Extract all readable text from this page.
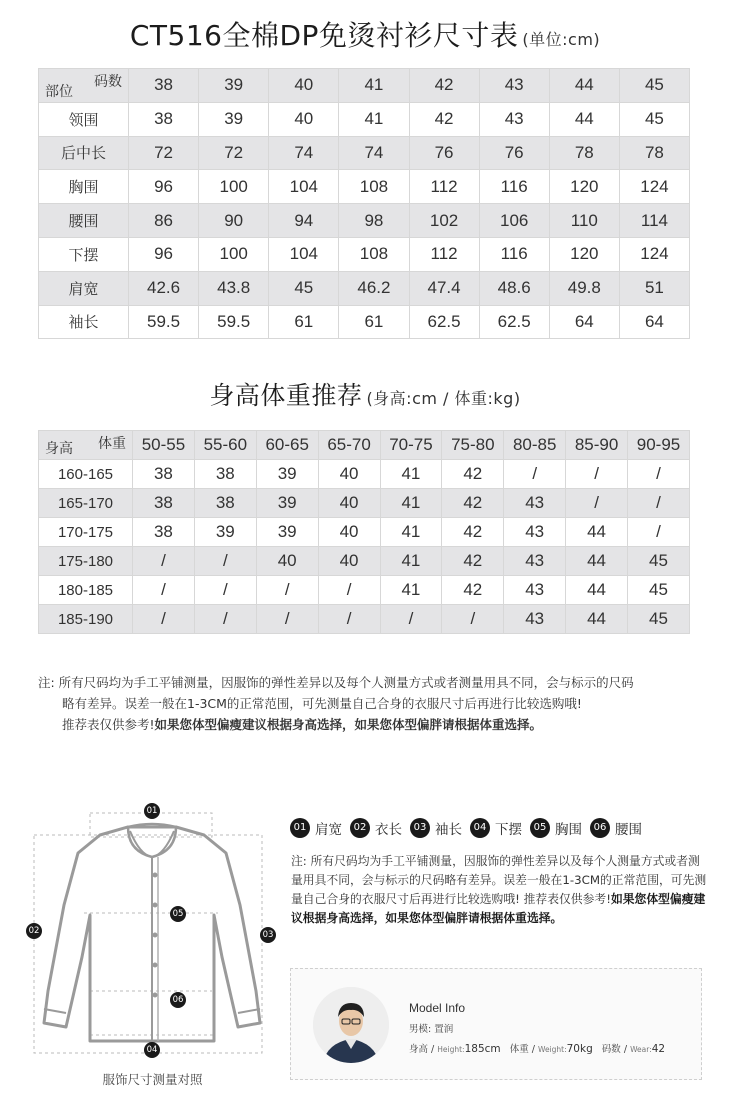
CT516全棉DP免烫衬衫尺寸表 (单位:cm)
码数
部位	38	39	40	41	42	43	44	45
领围	38	39	40	41	42	43	44	45
后中长	72	72	74	74	76	76	78	78
胸围	96	100	104	108	112	116	120	124
腰围	86	90	94	98	102	106	110	114
下摆	96	100	104	108	112	116	120	124
肩宽	42.6	43.8	45	46.2	47.4	48.6	49.8	51
袖长	59.5	59.5	61	61	62.5	62.5	64	64
身高体重推荐 (身高:cm / 体重:kg)
体重
身高	50-55	55-60	60-65	65-70	70-75	75-80	80-85	85-90	90-95
160-165	38	38	39	40	41	42	/	/	/
165-170	38	38	39	40	41	42	43	/	/
170-175	38	39	39	40	41	42	43	44	/
175-180	/	/	40	40	41	42	43	44	45
180-185	/	/	/	/	41	42	43	44	45
185-190	/	/	/	/	/	/	43	44	45

注: 所有尺码均为手工平铺测量，因服饰的弹性差异以及每个人测量方式或者测量用具不同，会与标示的尺码

略有差异。误差一般在1-3CM的正常范围，可先测量自己合身的衣服尺寸后再进行比较选购哦!

推荐表仅供参考!如果您体型偏瘦建议根据身高选择，如果您体型偏胖请根据体重选择。

01
02	03
04
05
06
服饰尺寸测量对照
01 肩宽	02 衣长	03 袖长	04 下摆	05 胸围	06 腰围
注: 所有尺码均为手工平铺测量，因服饰的弹性差异以及每个人测量方式或者测量用具不同，会与标示的尺码略有差异。误差一般在1-3CM的正常范围，可先测量自己合身的衣服尺寸后再进行比较选购哦! 推荐表仅供参考!如果您体型偏瘦建议根据身高选择，如果您体型偏胖请根据体重选择。
Model Info
男模: 置润
身高 / Height:185cm 体重 / Weight:70kg 码数 / Wear:42
